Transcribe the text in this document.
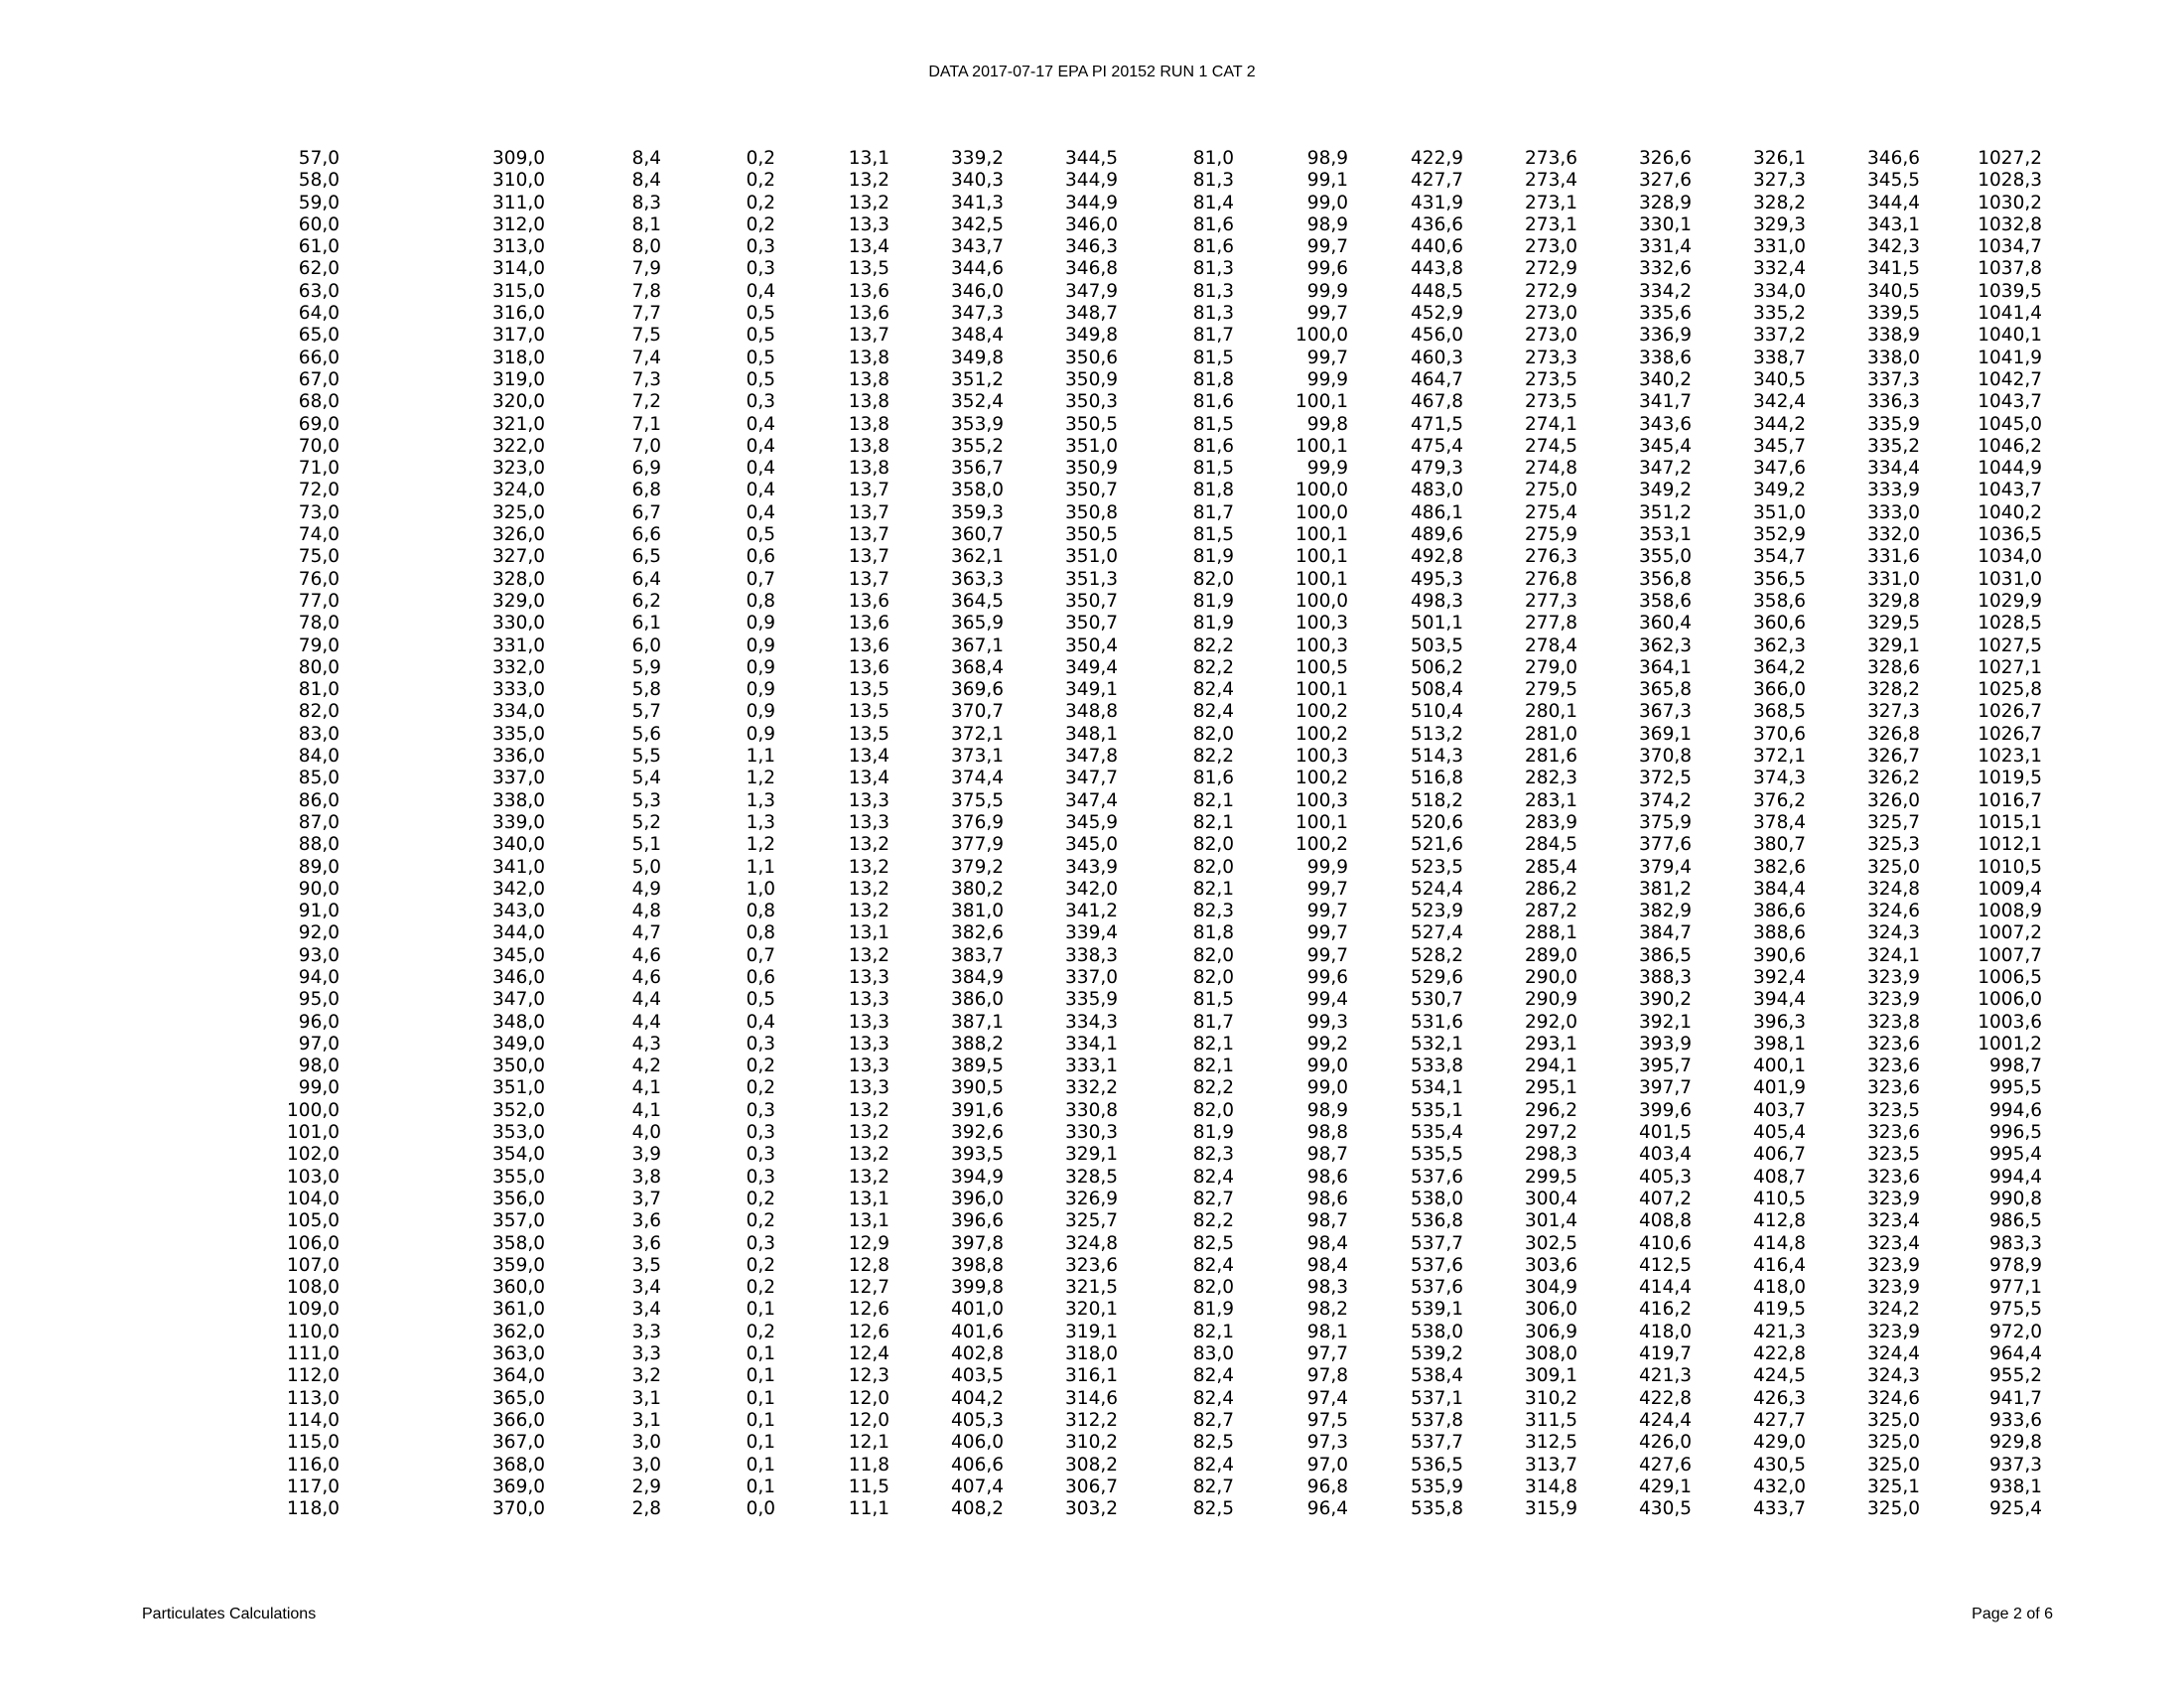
DATA 2017-07-17 EPA PI 20152 RUN 1 CAT 2
57,0	309,0	8,4	0,2	13,1	339,2	344,5	81,0	98,9	422,9	273,6	326,6	326,1	346,6	1027,2
58,0	310,0	8,4	0,2	13,2	340,3	344,9	81,3	99,1	427,7	273,4	327,6	327,3	345,5	1028,3
59,0	311,0	8,3	0,2	13,2	341,3	344,9	81,4	99,0	431,9	273,1	328,9	328,2	344,4	1030,2
60,0	312,0	8,1	0,2	13,3	342,5	346,0	81,6	98,9	436,6	273,1	330,1	329,3	343,1	1032,8
61,0	313,0	8,0	0,3	13,4	343,7	346,3	81,6	99,7	440,6	273,0	331,4	331,0	342,3	1034,7
62,0	314,0	7,9	0,3	13,5	344,6	346,8	81,3	99,6	443,8	272,9	332,6	332,4	341,5	1037,8
63,0	315,0	7,8	0,4	13,6	346,0	347,9	81,3	99,9	448,5	272,9	334,2	334,0	340,5	1039,5
64,0	316,0	7,7	0,5	13,6	347,3	348,7	81,3	99,7	452,9	273,0	335,6	335,2	339,5	1041,4
65,0	317,0	7,5	0,5	13,7	348,4	349,8	81,7	100,0	456,0	273,0	336,9	337,2	338,9	1040,1
66,0	318,0	7,4	0,5	13,8	349,8	350,6	81,5	99,7	460,3	273,3	338,6	338,7	338,0	1041,9
67,0	319,0	7,3	0,5	13,8	351,2	350,9	81,8	99,9	464,7	273,5	340,2	340,5	337,3	1042,7
68,0	320,0	7,2	0,3	13,8	352,4	350,3	81,6	100,1	467,8	273,5	341,7	342,4	336,3	1043,7
69,0	321,0	7,1	0,4	13,8	353,9	350,5	81,5	99,8	471,5	274,1	343,6	344,2	335,9	1045,0
70,0	322,0	7,0	0,4	13,8	355,2	351,0	81,6	100,1	475,4	274,5	345,4	345,7	335,2	1046,2
71,0	323,0	6,9	0,4	13,8	356,7	350,9	81,5	99,9	479,3	274,8	347,2	347,6	334,4	1044,9
72,0	324,0	6,8	0,4	13,7	358,0	350,7	81,8	100,0	483,0	275,0	349,2	349,2	333,9	1043,7
73,0	325,0	6,7	0,4	13,7	359,3	350,8	81,7	100,0	486,1	275,4	351,2	351,0	333,0	1040,2
74,0	326,0	6,6	0,5	13,7	360,7	350,5	81,5	100,1	489,6	275,9	353,1	352,9	332,0	1036,5
75,0	327,0	6,5	0,6	13,7	362,1	351,0	81,9	100,1	492,8	276,3	355,0	354,7	331,6	1034,0
76,0	328,0	6,4	0,7	13,7	363,3	351,3	82,0	100,1	495,3	276,8	356,8	356,5	331,0	1031,0
77,0	329,0	6,2	0,8	13,6	364,5	350,7	81,9	100,0	498,3	277,3	358,6	358,6	329,8	1029,9
78,0	330,0	6,1	0,9	13,6	365,9	350,7	81,9	100,3	501,1	277,8	360,4	360,6	329,5	1028,5
79,0	331,0	6,0	0,9	13,6	367,1	350,4	82,2	100,3	503,5	278,4	362,3	362,3	329,1	1027,5
80,0	332,0	5,9	0,9	13,6	368,4	349,4	82,2	100,5	506,2	279,0	364,1	364,2	328,6	1027,1
81,0	333,0	5,8	0,9	13,5	369,6	349,1	82,4	100,1	508,4	279,5	365,8	366,0	328,2	1025,8
82,0	334,0	5,7	0,9	13,5	370,7	348,8	82,4	100,2	510,4	280,1	367,3	368,5	327,3	1026,7
83,0	335,0	5,6	0,9	13,5	372,1	348,1	82,0	100,2	513,2	281,0	369,1	370,6	326,8	1026,7
84,0	336,0	5,5	1,1	13,4	373,1	347,8	82,2	100,3	514,3	281,6	370,8	372,1	326,7	1023,1
85,0	337,0	5,4	1,2	13,4	374,4	347,7	81,6	100,2	516,8	282,3	372,5	374,3	326,2	1019,5
86,0	338,0	5,3	1,3	13,3	375,5	347,4	82,1	100,3	518,2	283,1	374,2	376,2	326,0	1016,7
87,0	339,0	5,2	1,3	13,3	376,9	345,9	82,1	100,1	520,6	283,9	375,9	378,4	325,7	1015,1
88,0	340,0	5,1	1,2	13,2	377,9	345,0	82,0	100,2	521,6	284,5	377,6	380,7	325,3	1012,1
89,0	341,0	5,0	1,1	13,2	379,2	343,9	82,0	99,9	523,5	285,4	379,4	382,6	325,0	1010,5
90,0	342,0	4,9	1,0	13,2	380,2	342,0	82,1	99,7	524,4	286,2	381,2	384,4	324,8	1009,4
91,0	343,0	4,8	0,8	13,2	381,0	341,2	82,3	99,7	523,9	287,2	382,9	386,6	324,6	1008,9
92,0	344,0	4,7	0,8	13,1	382,6	339,4	81,8	99,7	527,4	288,1	384,7	388,6	324,3	1007,2
93,0	345,0	4,6	0,7	13,2	383,7	338,3	82,0	99,7	528,2	289,0	386,5	390,6	324,1	1007,7
94,0	346,0	4,6	0,6	13,3	384,9	337,0	82,0	99,6	529,6	290,0	388,3	392,4	323,9	1006,5
95,0	347,0	4,4	0,5	13,3	386,0	335,9	81,5	99,4	530,7	290,9	390,2	394,4	323,9	1006,0
96,0	348,0	4,4	0,4	13,3	387,1	334,3	81,7	99,3	531,6	292,0	392,1	396,3	323,8	1003,6
97,0	349,0	4,3	0,3	13,3	388,2	334,1	82,1	99,2	532,1	293,1	393,9	398,1	323,6	1001,2
98,0	350,0	4,2	0,2	13,3	389,5	333,1	82,1	99,0	533,8	294,1	395,7	400,1	323,6	998,7
99,0	351,0	4,1	0,2	13,3	390,5	332,2	82,2	99,0	534,1	295,1	397,7	401,9	323,6	995,5
100,0	352,0	4,1	0,3	13,2	391,6	330,8	82,0	98,9	535,1	296,2	399,6	403,7	323,5	994,6
101,0	353,0	4,0	0,3	13,2	392,6	330,3	81,9	98,8	535,4	297,2	401,5	405,4	323,6	996,5
102,0	354,0	3,9	0,3	13,2	393,5	329,1	82,3	98,7	535,5	298,3	403,4	406,7	323,5	995,4
103,0	355,0	3,8	0,3	13,2	394,9	328,5	82,4	98,6	537,6	299,5	405,3	408,7	323,6	994,4
104,0	356,0	3,7	0,2	13,1	396,0	326,9	82,7	98,6	538,0	300,4	407,2	410,5	323,9	990,8
105,0	357,0	3,6	0,2	13,1	396,6	325,7	82,2	98,7	536,8	301,4	408,8	412,8	323,4	986,5
106,0	358,0	3,6	0,3	12,9	397,8	324,8	82,5	98,4	537,7	302,5	410,6	414,8	323,4	983,3
107,0	359,0	3,5	0,2	12,8	398,8	323,6	82,4	98,4	537,6	303,6	412,5	416,4	323,9	978,9
108,0	360,0	3,4	0,2	12,7	399,8	321,5	82,0	98,3	537,6	304,9	414,4	418,0	323,9	977,1
109,0	361,0	3,4	0,1	12,6	401,0	320,1	81,9	98,2	539,1	306,0	416,2	419,5	324,2	975,5
110,0	362,0	3,3	0,2	12,6	401,6	319,1	82,1	98,1	538,0	306,9	418,0	421,3	323,9	972,0
111,0	363,0	3,3	0,1	12,4	402,8	318,0	83,0	97,7	539,2	308,0	419,7	422,8	324,4	964,4
112,0	364,0	3,2	0,1	12,3	403,5	316,1	82,4	97,8	538,4	309,1	421,3	424,5	324,3	955,2
113,0	365,0	3,1	0,1	12,0	404,2	314,6	82,4	97,4	537,1	310,2	422,8	426,3	324,6	941,7
114,0	366,0	3,1	0,1	12,0	405,3	312,2	82,7	97,5	537,8	311,5	424,4	427,7	325,0	933,6
115,0	367,0	3,0	0,1	12,1	406,0	310,2	82,5	97,3	537,7	312,5	426,0	429,0	325,0	929,8
116,0	368,0	3,0	0,1	11,8	406,6	308,2	82,4	97,0	536,5	313,7	427,6	430,5	325,0	937,3
117,0	369,0	2,9	0,1	11,5	407,4	306,7	82,7	96,8	535,9	314,8	429,1	432,0	325,1	938,1
118,0	370,0	2,8	0,0	11,1	408,2	303,2	82,5	96,4	535,8	315,9	430,5	433,7	325,0	925,4
Particulates Calculations	Page 2 of 6
